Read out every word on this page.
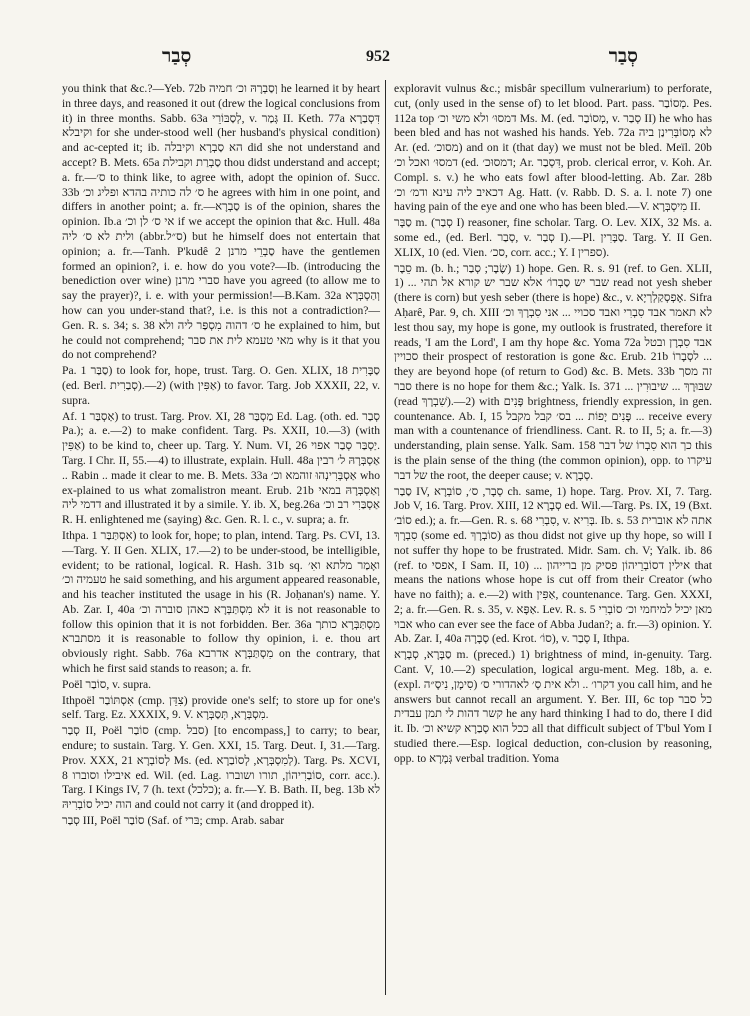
סְבַר	952	סְבַר

you think that &c.?—Yeb. 72b וְסַבְרָהּ וכ׳ חמיה he learned it by heart in three days, and reasoned it out (drew the logical conclusions from it) in three months. Sabb. 63a לְסַבּוֹרֵי, v. גְּמַר II. Keth. 77a דִּסְבַרָא וקיבלא for she under-stood well (her husband's physical condition) and ac-cepted it; ib. הא סַבְרָא וקיבלה did she not understand and accept? B. Mets. 65a סַבְרַת וקבילת thou didst understand and accept; a. fr.—ס׳ to think like, to agree with, adopt the opinion of. Succ. 33b ס׳ לה כותיה בהדא ופליג וכ׳ he agrees with him in one point, and differs in another point; a. fr.—סַבְרָא is of the opinion, shares the opinion. Ib.a אי ס׳ לן וכ׳ if we accept the opinion that &c. Hull. 48a ולית לא ס׳ ליה (abbr.ס״ל) but he himself does not entertain that opinion; a. fr.—Tanh. P'kudê 2 סַבְרֵי מרנן have the gentlemen formed an opinion?, i. e. how do you vote?—Ib. (introducing the benediction over wine) סברי מרנן have you agreed (to allow me to say the prayer)?, i. e. with your permission!—B.Kam. 32a וְהַסְבְּרָא how can you under-stand that?, i.e. is this not a contradiction?—Gen. R. s. 34; s. 38 ס׳ דהוה מִסְפַּר ליה ולא he explained to him, but he could not comprehend; מאי טעמא לית את סבר why is it that you do not comprehend?

Pa. סַבַּר 1) to look for, hope, trust. Targ. O. Gen. XLIX, 18 סַבָּרִית (ed. Berl. סְבַרִית).—2) (with אַפִּין) to favor. Targ. Job XXXII, 22, v. supra.

Af. אַסְבַּר 1) to trust. Targ. Prov. XI, 28 מַסְבַּר Ed. Lag. (oth. ed. סְבַר Pa.); a. e.—2) to make confident. Targ. Ps. XXII, 10.—3) (with אַפִּין) to be kind to, cheer up. Targ. Y. Num. VI, 26 יַסְבַּר סְבַר אפוי. Targ. I Chr. II, 55.—4) to illustrate, explain. Hull. 48a אַסְבְּרָהּ ל׳ רבין .. Rabin .. made it clear to me. B. Mets. 33a אַסְבְּרִינְהוּ זוהמא וכ׳ who ex-plained to us what zomalistron meant. Erub. 21b וְאַסְבְּרָהּ במאי דדמי ליה and illustrated it by a simile. Y. ib. X, beg.26a אַסְבַּרִי רב וכ׳ R. H. enlightened me (saying) &c. Gen. R. l. c., v. supra; a. fr.

Ithpa. אִסְתַּבַּר 1) to look for, hope; to plan, intend. Targ. Ps. CVI, 13.—Targ. Y. II Gen. XLIX, 17.—2) to be under-stood, be intelligible, evident; to be rational, logical. R. Hash. 31b sq. ואָמַר מלתא ואִ׳ טעמיה וכ׳ he said something, and his argument appeared reasonable, and his teacher instituted the usage in his (R. Joḥanan's) name. Y. Ab. Zar. I, 40a לא מִסְתַּבְּרָא כאהן סוברה וכ׳ it is not reasonable to follow this opinion that it is not forbidden. Ber. 36a מִסְתַּבְּרָא כותך מסתברא it is reasonable to follow thy opinion, i. e. thou art obviously right. Sabb. 76a מִסְתַּבְּרָא אדרבא on the contrary, that which he first said stands to reason; a. fr.

Poël סוֹבַר, v. supra.

Ithpoël אִסְתּוֹבַר (cmp. צִדֵּן) provide one's self; to store up for one's self. Targ. Ez. XXXIX, 9. V. מִסְבְּרָא, תְּסַבְּרָא.

סְבַר II, Poël סוֹבַר (cmp. סבל) [to encompass,] to carry; to bear, endure; to sustain. Targ. Y. Gen. XXI, 15. Targ. Deut. I, 31.—Targ. Prov. XXX, 21 לְסוֹבְרָא Ms. (ed. לְמִסְבְּרָא, לְסוֹבַרָא). Targ. Ps. XCVI, 8 איבילו וסוברו ed. Wil. (ed. Lag. סוֹבַרִיהוֹן, תורו ושוברו, corr. acc.). Targ. I Kings IV, 7 (h. text (כלכל); a. fr.—Y. B. Bath. II, beg. 13b לא הוה יכיל סוֹבְרִיהּ and could not carry it (and dropped it).

סְבַר III, Poël סוֹבַר (Saf. of בּרי; cmp. Arab. sabar

exploravit vulnus &c.; misbâr specillum vulnerarium) to perforate, cut, (only used in the sense of) to let blood. Part. pass. מְסוֹבַר. Pes. 112a top דמסוּ׳ ולא משי וכ׳ Ms. M. (ed. מְסוֹבַר, v. סְבַר II) he who has been bled and has not washed his hands. Yeb. 72a לא מְסוֹבְּרִינַן ביה Ar. (ed. מסוכ׳) and on it (that day) we must not be bled. Meïl. 20b דמסוּ׳ ואכל וכ׳ (ed. דמסוּכ׳; Ar. דִּסְבַר, prob. clerical error, v. Koh. Ar. Compl. s. v.) he who eats fowl after blood-letting. Ab. Zar. 28b דכאיב ליה עינא ודמ׳ וכ׳ Ag. Hatt. (v. Rabb. D. S. a. l. note 7) one having pain of the eye and one who has been bled.—V. מִיסְבְּרָא II.

סַבָּר m. (סְבַר I) reasoner, fine scholar. Targ. O. Lev. XIX, 32 Ms. a. some ed., (ed. Berl. סְבַר, v. סְבַר I).—Pl. סַבָּרִין. Targ. Y. II Gen. XLIX, 10 (ed. Vien. סכ׳, corr. acc.; Y. I ספרין).

סֵבֶר m. (b. h.; שֶׂבֶר; סְבַר) 1) hope. Gen. R. s. 91 (ref. to Gen. XLII, 1) ... שבר יש סַבְרוֹ׳ אלא שבר יש קורא אל תהי read not yesh sheber (there is corn) but yesh seber (there is hope) &c., v. אֶפְסְקַלְרְיָא. Sifra Aḥarê, Par. 9, ch. XIII לא תאמר אבד סִבְרִי ואבד סכויי ... אני סִבְרָךְ וכ׳ lest thou say, my hope is gone, my outlook is frustrated, therefore it reads, 'I am the Lord', I am thy hope &c. Yoma 72a אבד סִבְרָן ובטל סכויין their prospect of restoration is gone &c. Erub. 21b לסְבָרוֹ ... they are beyond hope (of return to God) &c. B. Mets. 33b זה מסך סבר there is no hope for them &c.; Yalk. Is. 371 ... שבּוּרָךְ ... שיבוּרִין (read שִׁבְרָךְ).—2) with פָּנִים brightness, friendly expression, in gen. countenance. Ab. I, 15 פָּנִים יָפוֹת ... בס׳ קבל מקבל ... receive every man with a countenance of friendliness. Cant. R. to II, 5; a. fr.—3) understanding, plain sense. Yalk. Sam. 158 כך הוא סִבְרוֹ של דבר this is the plain sense of the thing (the common opinion), opp. to עיקרו של דבר the root, the deeper cause; v. סְבָרָא.

סַבַר IV, סְבָר, ס׳, סוֹבְרָא ch. same, 1) hope. Targ. Prov. XI, 7. Targ. Job V, 16. Targ. Prov. XIII, 12 סְבָרָא ed. Wil.—Targ. Ps. IX, 19 (Bxt. סוֹב׳ ed.); a. fr.—Gen. R. s. 68 סִבְרִי, v. בְּרִיא. Ib. s. 53 אתה לא אוברית סִבְרָךְ (some ed. סוֹבְרָךְ) as thou didst not give up thy hope, so will I not suffer thy hope to be frustrated. Midr. Sam. ch. V; Yalk. ib. 86 (ref. to אפסי, I Sam. II, 10) ... אילין דסוֹבְרֵיהוֹן פסיק מן ברייהון that means the nations whose hope is cut off from their Creator (who have no faith); a. e.—2) with אַפִּין, countenance. Targ. Gen. XXXI, 2; a. fr.—Gen. R. s. 35, v. אַפָּא. Lev. R. s. 5 מאן יכיל למיחמי וכ׳ סוֹבְרִי אבוי who can ever see the face of Abba Judan?; a. fr.—3) opinion. Y. Ab. Zar. I, 40a סְבָרָה (ed. Krot. סוֹ׳), v. סְבַר I, Ithpa.

סַבָּרָא, סְבָרָא m. (preced.) 1) brightness of mind, in-genuity. Targ. Cant. V, 10.—2) speculation, logical argu-ment. Meg. 18b, a. e. (expl. סִימָן, נִיסָ״ה) דקרו׳ .. ולא אית סְ׳ לאהדורי ס׳ you call him, and he answers but cannot recall an argument. Y. Ber. III, 6c top כל סבר קשר דהות לי תמן עבדית he any hard thinking I had to do, there I did it. Ib. ככל הוא סְבַרָא קשיא וכ׳ all that difficult subject of T'bul Yom I studied there.—Esp. logical deduction, con-clusion by reasoning, opp. to גְּמָרָא verbal tradition. Yoma
